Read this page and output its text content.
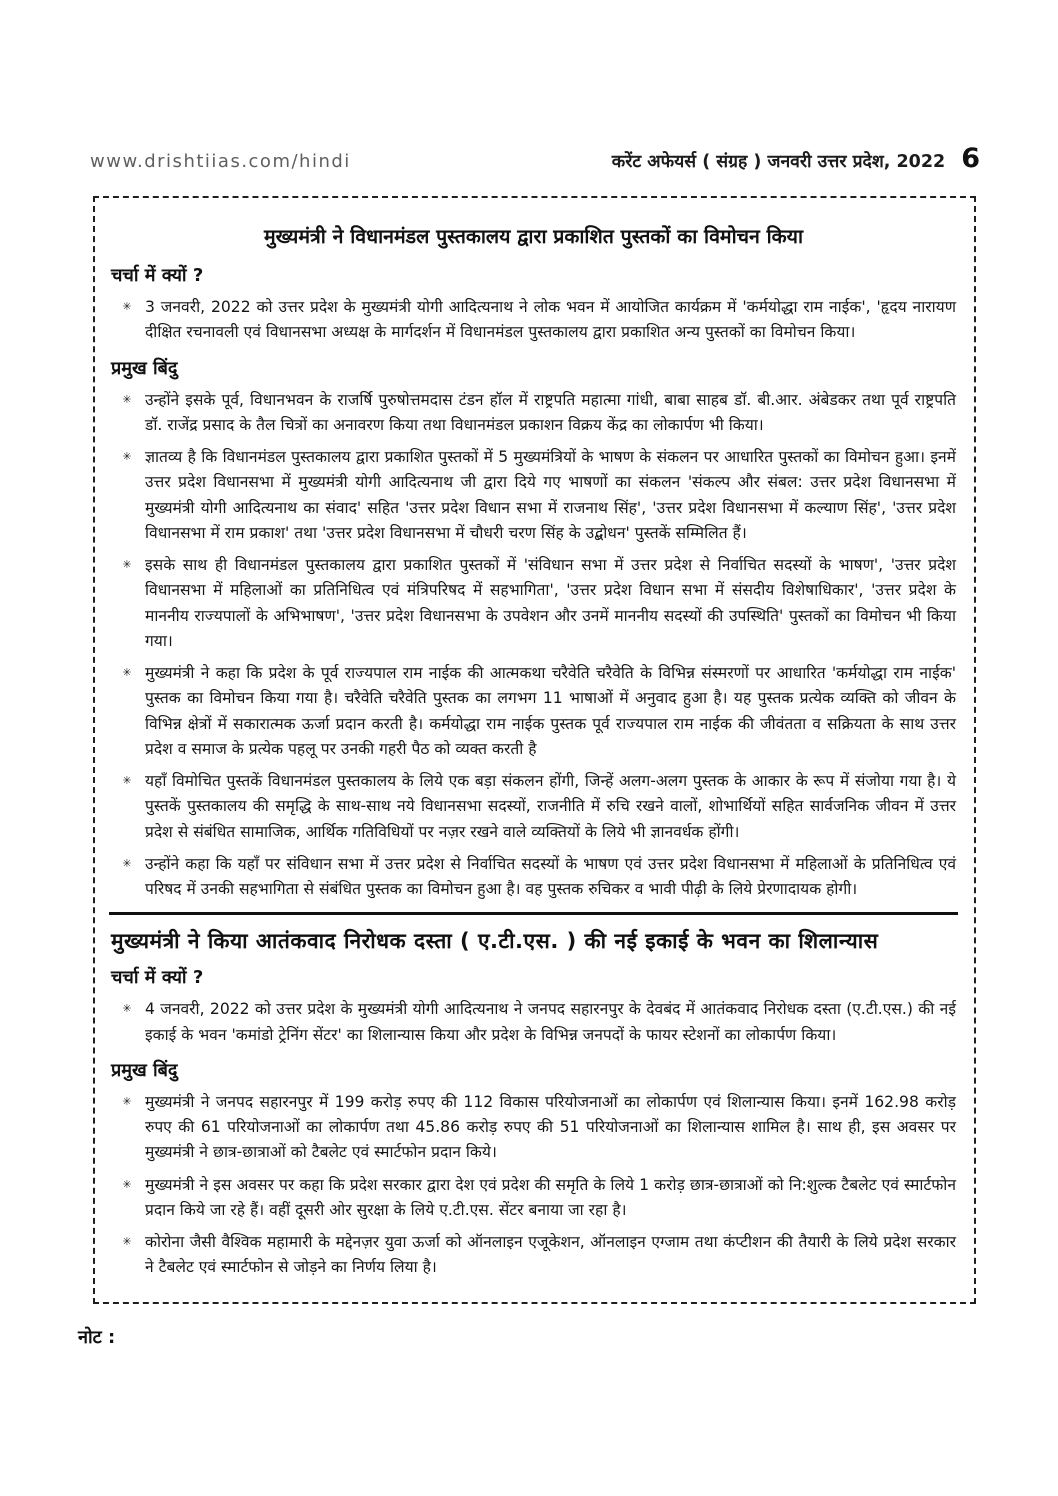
www.drishtiias.com/hindi	करेंट अफेयर्स ( संग्रह ) जनवरी उत्तर प्रदेश, 2022 6
मुख्यमंत्री ने विधानमंडल पुस्तकालय द्वारा प्रकाशित पुस्तकों का विमोचन किया
चर्चा में क्यों ?
✳ 3 जनवरी, 2022 को उत्तर प्रदेश के मुख्यमंत्री योगी आदित्यनाथ ने लोक भवन में आयोजित कार्यक्रम में 'कर्मयोद्धा राम नाईक', 'हृदय नारायण दीक्षित रचनावली एवं विधानसभा अध्यक्ष के मार्गदर्शन में विधानमंडल पुस्तकालय द्वारा प्रकाशित अन्य पुस्तकों का विमोचन किया।
प्रमुख बिंदु
✳ उन्होंने इसके पूर्व, विधानभवन के राजर्षि पुरुषोत्तमदास टंडन हॉल में राष्ट्रपति महात्मा गांधी, बाबा साहब डॉ. बी.आर. अंबेडकर तथा पूर्व राष्ट्रपति डॉ. राजेंद्र प्रसाद के तैल चित्रों का अनावरण किया तथा विधानमंडल प्रकाशन विक्रय केंद्र का लोकार्पण भी किया।
✳ ज्ञातव्य है कि विधानमंडल पुस्तकालय द्वारा प्रकाशित पुस्तकों में 5 मुख्यमंत्रियों के भाषण के संकलन पर आधारित पुस्तकों का विमोचन हुआ। इनमें उत्तर प्रदेश विधानसभा में मुख्यमंत्री योगी आदित्यनाथ जी द्वारा दिये गए भाषणों का संकलन 'संकल्प और संबल: उत्तर प्रदेश विधानसभा में मुख्यमंत्री योगी आदित्यनाथ का संवाद' सहित 'उत्तर प्रदेश विधान सभा में राजनाथ सिंह', 'उत्तर प्रदेश विधानसभा में कल्याण सिंह', 'उत्तर प्रदेश विधानसभा में राम प्रकाश' तथा 'उत्तर प्रदेश विधानसभा में चौधरी चरण सिंह के उद्बोधन' पुस्तकें सम्मिलित हैं।
✳ इसके साथ ही विधानमंडल पुस्तकालय द्वारा प्रकाशित पुस्तकों में 'संविधान सभा में उत्तर प्रदेश से निर्वाचित सदस्यों के भाषण', 'उत्तर प्रदेश विधानसभा में महिलाओं का प्रतिनिधित्व एवं मंत्रिपरिषद में सहभागिता', 'उत्तर प्रदेश विधान सभा में संसदीय विशेषाधिकार', 'उत्तर प्रदेश के माननीय राज्यपालों के अभिभाषण', 'उत्तर प्रदेश विधानसभा के उपवेशन और उनमें माननीय सदस्यों की उपस्थिति' पुस्तकों का विमोचन भी किया गया।
✳ मुख्यमंत्री ने कहा कि प्रदेश के पूर्व राज्यपाल राम नाईक की आत्मकथा चरैवेति चरैवेति के विभिन्न संस्मरणों पर आधारित 'कर्मयोद्धा राम नाईक' पुस्तक का विमोचन किया गया है। चरैवेति चरैवेति पुस्तक का लगभग 11 भाषाओं में अनुवाद हुआ है। यह पुस्तक प्रत्येक व्यक्ति को जीवन के विभिन्न क्षेत्रों में सकारात्मक ऊर्जा प्रदान करती है। कर्मयोद्धा राम नाईक पुस्तक पूर्व राज्यपाल राम नाईक की जीवंतता व सक्रियता के साथ उत्तर प्रदेश व समाज के प्रत्येक पहलू पर उनकी गहरी पैठ को व्यक्त करती है
✳ यहाँ विमोचित पुस्तकें विधानमंडल पुस्तकालय के लिये एक बड़ा संकलन होंगी, जिन्हें अलग-अलग पुस्तक के आकार के रूप में संजोया गया है। ये पुस्तकें पुस्तकालय की समृद्धि के साथ-साथ नये विधानसभा सदस्यों, राजनीति में रुचि रखने वालों, शोभार्थियों सहित सार्वजनिक जीवन में उत्तर प्रदेश से संबंधित सामाजिक, आर्थिक गतिविधियों पर नज़र रखने वाले व्यक्तियों के लिये भी ज्ञानवर्धक होंगी।
✳ उन्होंने कहा कि यहाँ पर संविधान सभा में उत्तर प्रदेश से निर्वाचित सदस्यों के भाषण एवं उत्तर प्रदेश विधानसभा में महिलाओं के प्रतिनिधित्व एवं परिषद में उनकी सहभागिता से संबंधित पुस्तक का विमोचन हुआ है। वह पुस्तक रुचिकर व भावी पीढ़ी के लिये प्रेरणादायक होगी।
मुख्यमंत्री ने किया आतंकवाद निरोधक दस्ता ( ए.टी.एस. ) की नई इकाई के भवन का शिलान्यास
चर्चा में क्यों ?
✳ 4 जनवरी, 2022 को उत्तर प्रदेश के मुख्यमंत्री योगी आदित्यनाथ ने जनपद सहारनपुर के देवबंद में आतंकवाद निरोधक दस्ता (ए.टी.एस.) की नई इकाई के भवन 'कमांडो ट्रेनिंग सेंटर' का शिलान्यास किया और प्रदेश के विभिन्न जनपदों के फायर स्टेशनों का लोकार्पण किया।
प्रमुख बिंदु
✳ मुख्यमंत्री ने जनपद सहारनपुर में 199 करोड़ रुपए की 112 विकास परियोजनाओं का लोकार्पण एवं शिलान्यास किया। इनमें 162.98 करोड़ रुपए की 61 परियोजनाओं का लोकार्पण तथा 45.86 करोड़ रुपए की 51 परियोजनाओं का शिलान्यास शामिल है। साथ ही, इस अवसर पर मुख्यमंत्री ने छात्र-छात्राओं को टैबलेट एवं स्मार्टफोन प्रदान किये।
✳ मुख्यमंत्री ने इस अवसर पर कहा कि प्रदेश सरकार द्वारा देश एवं प्रदेश की समृति के लिये 1 करोड़ छात्र-छात्राओं को नि:शुल्क टैबलेट एवं स्मार्टफोन प्रदान किये जा रहे हैं। वहीं दूसरी ओर सुरक्षा के लिये ए.टी.एस. सेंटर बनाया जा रहा है।
✳ कोरोना जैसी वैश्विक महामारी के मद्देनज़र युवा ऊर्जा को ऑनलाइन एजूकेशन, ऑनलाइन एग्जाम तथा कंप्टीशन की तैयारी के लिये प्रदेश सरकार ने टैबलेट एवं स्मार्टफोन से जोड़ने का निर्णय लिया है।
नोट :
